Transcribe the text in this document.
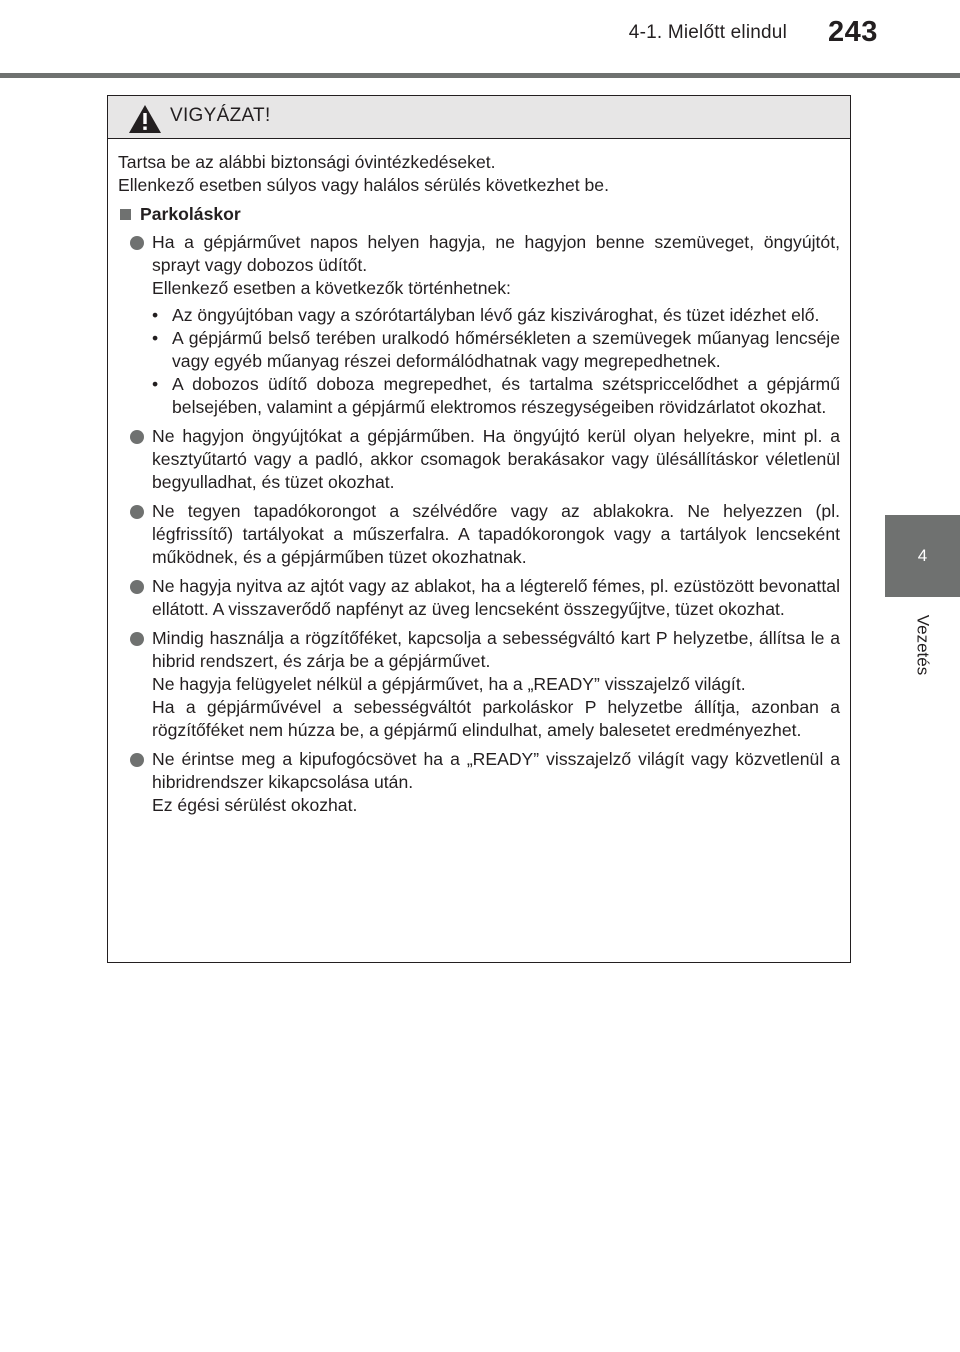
4-1. Mielőtt elindul 243
4
Vezetés
VIGYÁZAT!
Tartsa be az alábbi biztonsági óvintézkedéseket.
Ellenkező esetben súlyos vagy halálos sérülés következhet be.
Parkoláskor

Ha a gépjárművet napos helyen hagyja, ne hagyjon benne szemüveget, öngyújtót, sprayt vagy dobozos üdítőt.

Ellenkező esetben a következők történhetnek:

• Az öngyújtóban vagy a szórótartályban lévő gáz kiszivároghat, és tüzet idézhet elő.
• A gépjármű belső terében uralkodó hőmérsékleten a szemüvegek műanyag lencséje vagy egyéb műanyag részei deformálódhatnak vagy megrepedhetnek.
• A dobozos üdítő doboza megrepedhet, és tartalma szétspriccelődhet a gépjármű belsejében, valamint a gépjármű elektromos részegységeiben rövidzárlatot okozhat.

Ne hagyjon öngyújtókat a gépjárműben. Ha öngyújtó kerül olyan helyekre, mint pl. a kesztyűtartó vagy a padló, akkor csomagok berakásakor vagy ülésállításkor véletlenül begyulladhat, és tüzet okozhat.

Ne tegyen tapadókorongot a szélvédőre vagy az ablakokra. Ne helyezzen (pl. légfrissítő) tartályokat a műszerfalra. A tapadókorongok vagy a tartályok lencseként működnek, és a gépjárműben tüzet okozhatnak.

Ne hagyja nyitva az ajtót vagy az ablakot, ha a légterelő fémes, pl. ezüstözött bevonattal ellátott. A visszaverődő napfényt az üveg lencseként összegyűjtve, tüzet okozhat.

Mindig használja a rögzítőféket, kapcsolja a sebességváltó kart P helyzetbe, állítsa le a hibrid rendszert, és zárja be a gépjárművet.

Ne hagyja felügyelet nélkül a gépjárművet, ha a „READY” visszajelző világít.

Ha a gépjárművével a sebességváltót parkoláskor P helyzetbe állítja, azonban a rögzítőféket nem húzza be, a gépjármű elindulhat, amely balesetet eredményezhet.

Ne érintse meg a kipufogócsövet ha a „READY” visszajelző világít vagy közvetlenül a hibridrendszer kikapcsolása után.

Ez égési sérülést okozhat.
